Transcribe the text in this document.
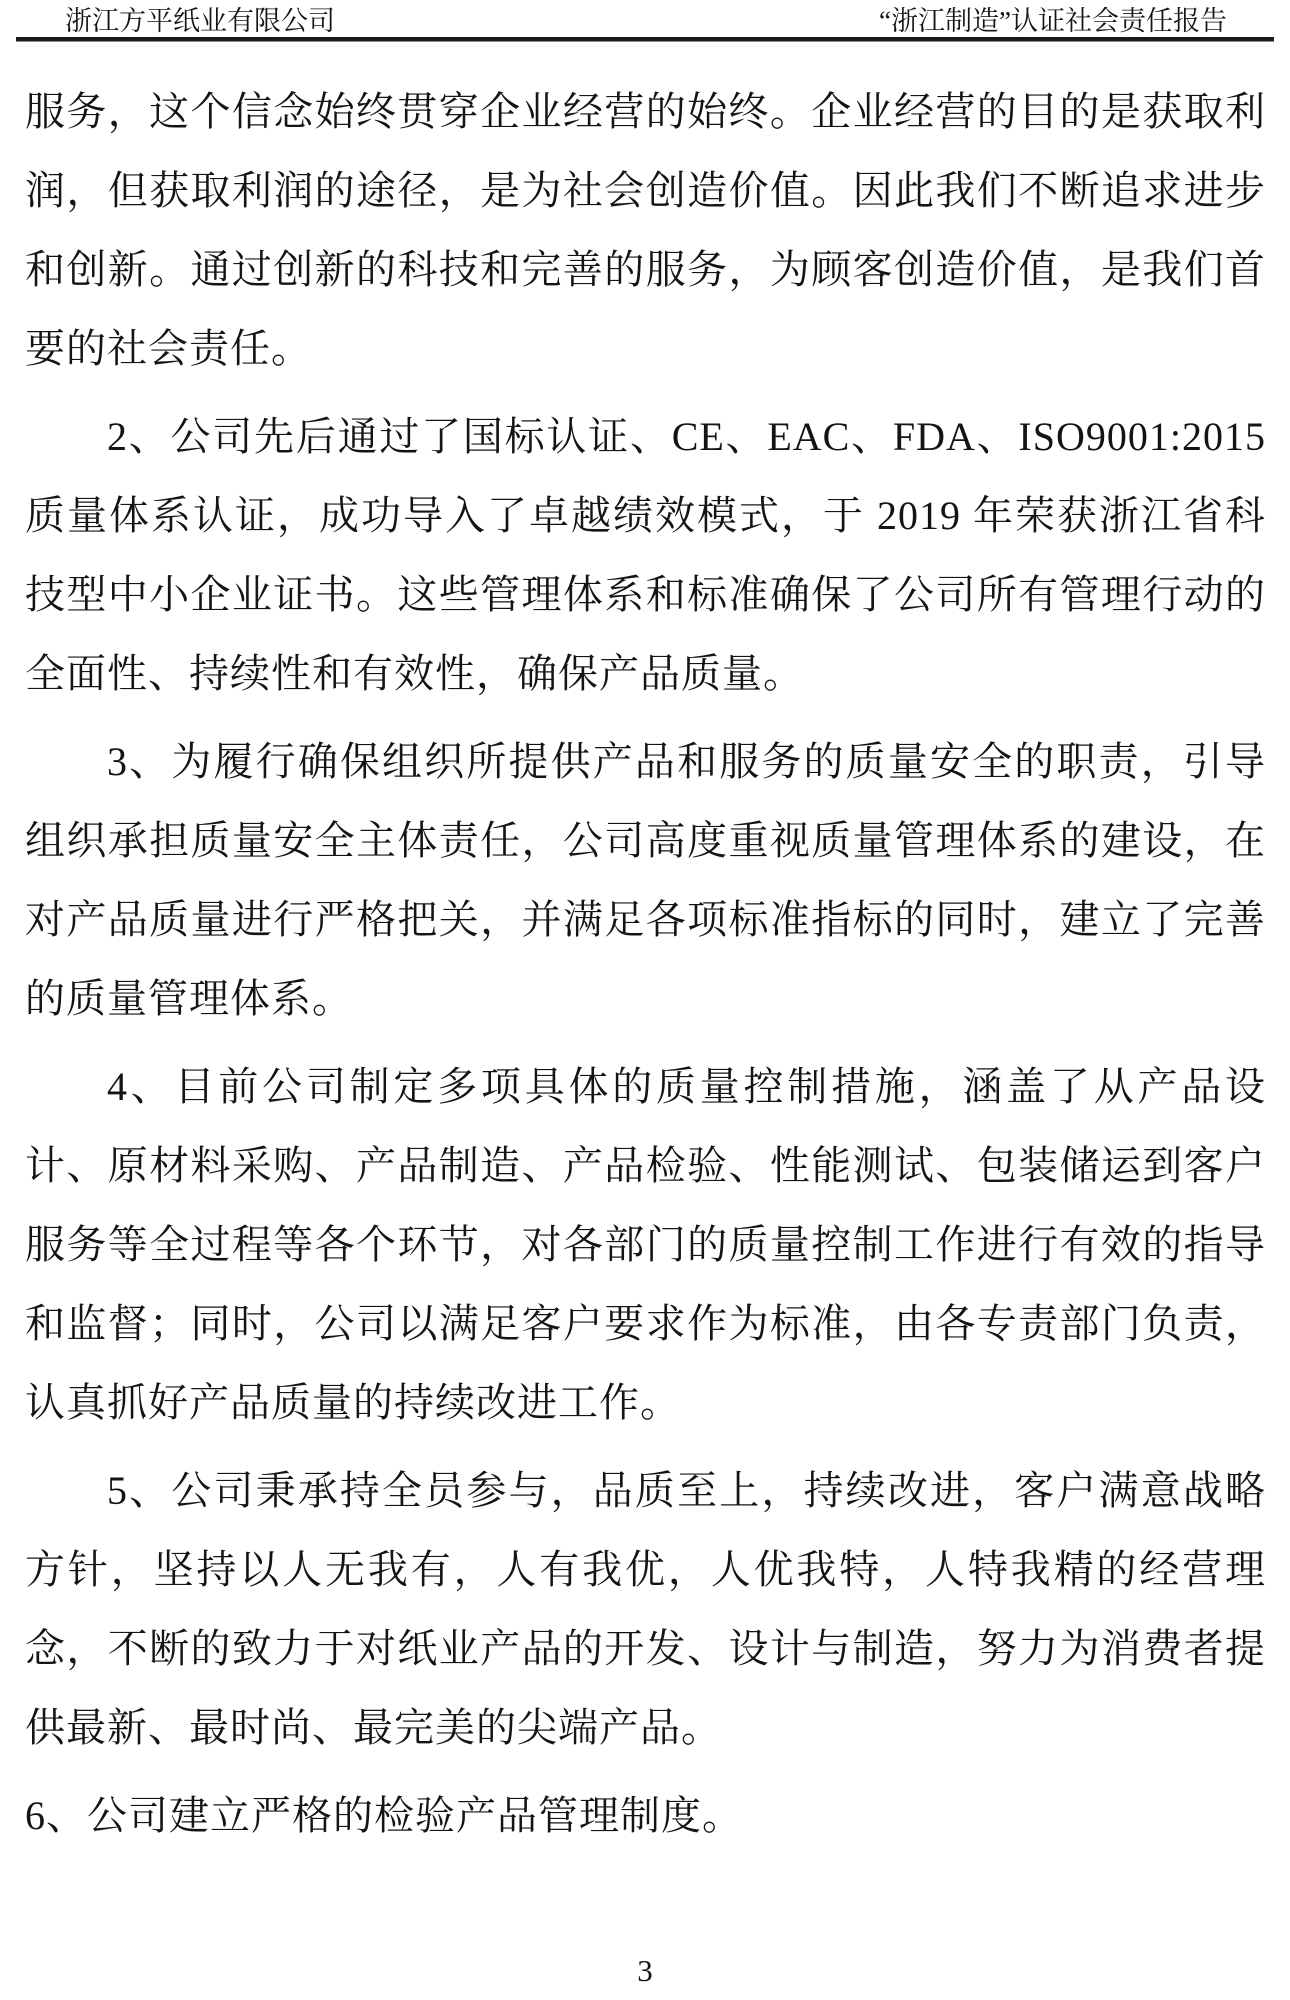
浙江方平纸业有限公司	“浙江制造”认证社会责任报告

服务，这个信念始终贯穿企业经营的始终。企业经营的目的是获取利润，但获取利润的途径，是为社会创造价值。因此我们不断追求进步和创新。通过创新的科技和完善的服务，为顾客创造价值，是我们首要的社会责任。

2、公司先后通过了国标认证、CE、EAC、FDA、ISO9001:2015 质量体系认证，成功导入了卓越绩效模式，于 2019 年荣获浙江省科技型中小企业证书。这些管理体系和标准确保了公司所有管理行动的全面性、持续性和有效性，确保产品质量。

3、为履行确保组织所提供产品和服务的质量安全的职责，引导组织承担质量安全主体责任，公司高度重视质量管理体系的建设，在对产品质量进行严格把关，并满足各项标准指标的同时，建立了完善的质量管理体系。

4、目前公司制定多项具体的质量控制措施，涵盖了从产品设计、原材料采购、产品制造、产品检验、性能测试、包装储运到客户服务等全过程等各个环节，对各部门的质量控制工作进行有效的指导和监督；同时，公司以满足客户要求作为标准，由各专责部门负责，认真抓好产品质量的持续改进工作。

5、公司秉承持全员参与，品质至上，持续改进，客户满意战略方针，坚持以人无我有，人有我优，人优我特，人特我精的经营理念，不断的致力于对纸业产品的开发、设计与制造，努力为消费者提供最新、最时尚、最完美的尖端产品。

6、公司建立严格的检验产品管理制度。

3
